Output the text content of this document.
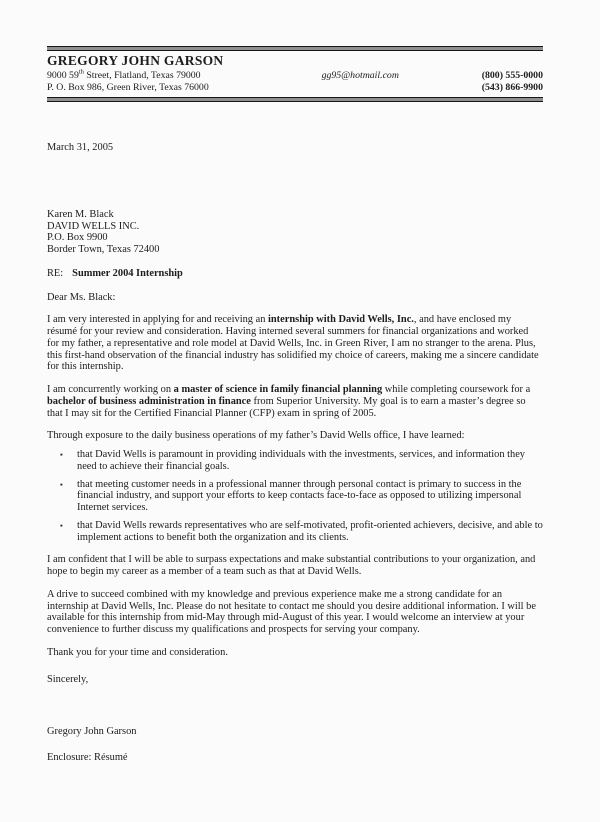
GREGORY JOHN GARSON
9000 59th Street, Flatland, Texas 79000
P. O. Box 986, Green River, Texas 76000
gg95@hotmail.com	(800) 555-0000
(543) 866-9900
March 31, 2005
Karen M. Black
DAVID WELLS INC.
P.O. Box 9900
Border Town, Texas 72400
RE: Summer 2004 Internship
Dear Ms. Black:

I am very interested in applying for and receiving an internship with David Wells, Inc., and have enclosed my résumé for your review and consideration. Having interned several summers for financial organizations and worked for my father, a representative and role model at David Wells, Inc. in Green River, I am no stranger to the arena. Plus, this first-hand observation of the financial industry has solidified my choice of careers, making me a sincere candidate for this internship.

I am concurrently working on a master of science in family financial planning while completing coursework for a bachelor of business administration in finance from Superior University. My goal is to earn a master’s degree so that I may sit for the Certified Financial Planner (CFP) exam in spring of 2005.

Through exposure to the daily business operations of my father’s David Wells office, I have learned:

▪	that David Wells is paramount in providing individuals with the investments, services, and information they need to achieve their financial goals.
▪	that meeting customer needs in a professional manner through personal contact is primary to success in the financial industry, and support your efforts to keep contacts face-to-face as opposed to utilizing impersonal Internet services.
▪	that David Wells rewards representatives who are self-motivated, profit-oriented achievers, decisive, and able to implement actions to benefit both the organization and its clients.

I am confident that I will be able to surpass expectations and make substantial contributions to your organization, and hope to begin my career as a member of a team such as that at David Wells.

A drive to succeed combined with my knowledge and previous experience make me a strong candidate for an internship at David Wells, Inc. Please do not hesitate to contact me should you desire additional information. I will be available for this internship from mid-May through mid-August of this year. I would welcome an interview at your convenience to further discuss my qualifications and prospects for serving your company.

Thank you for your time and consideration.

Sincerely,
Gregory John Garson
Enclosure: Résumé
